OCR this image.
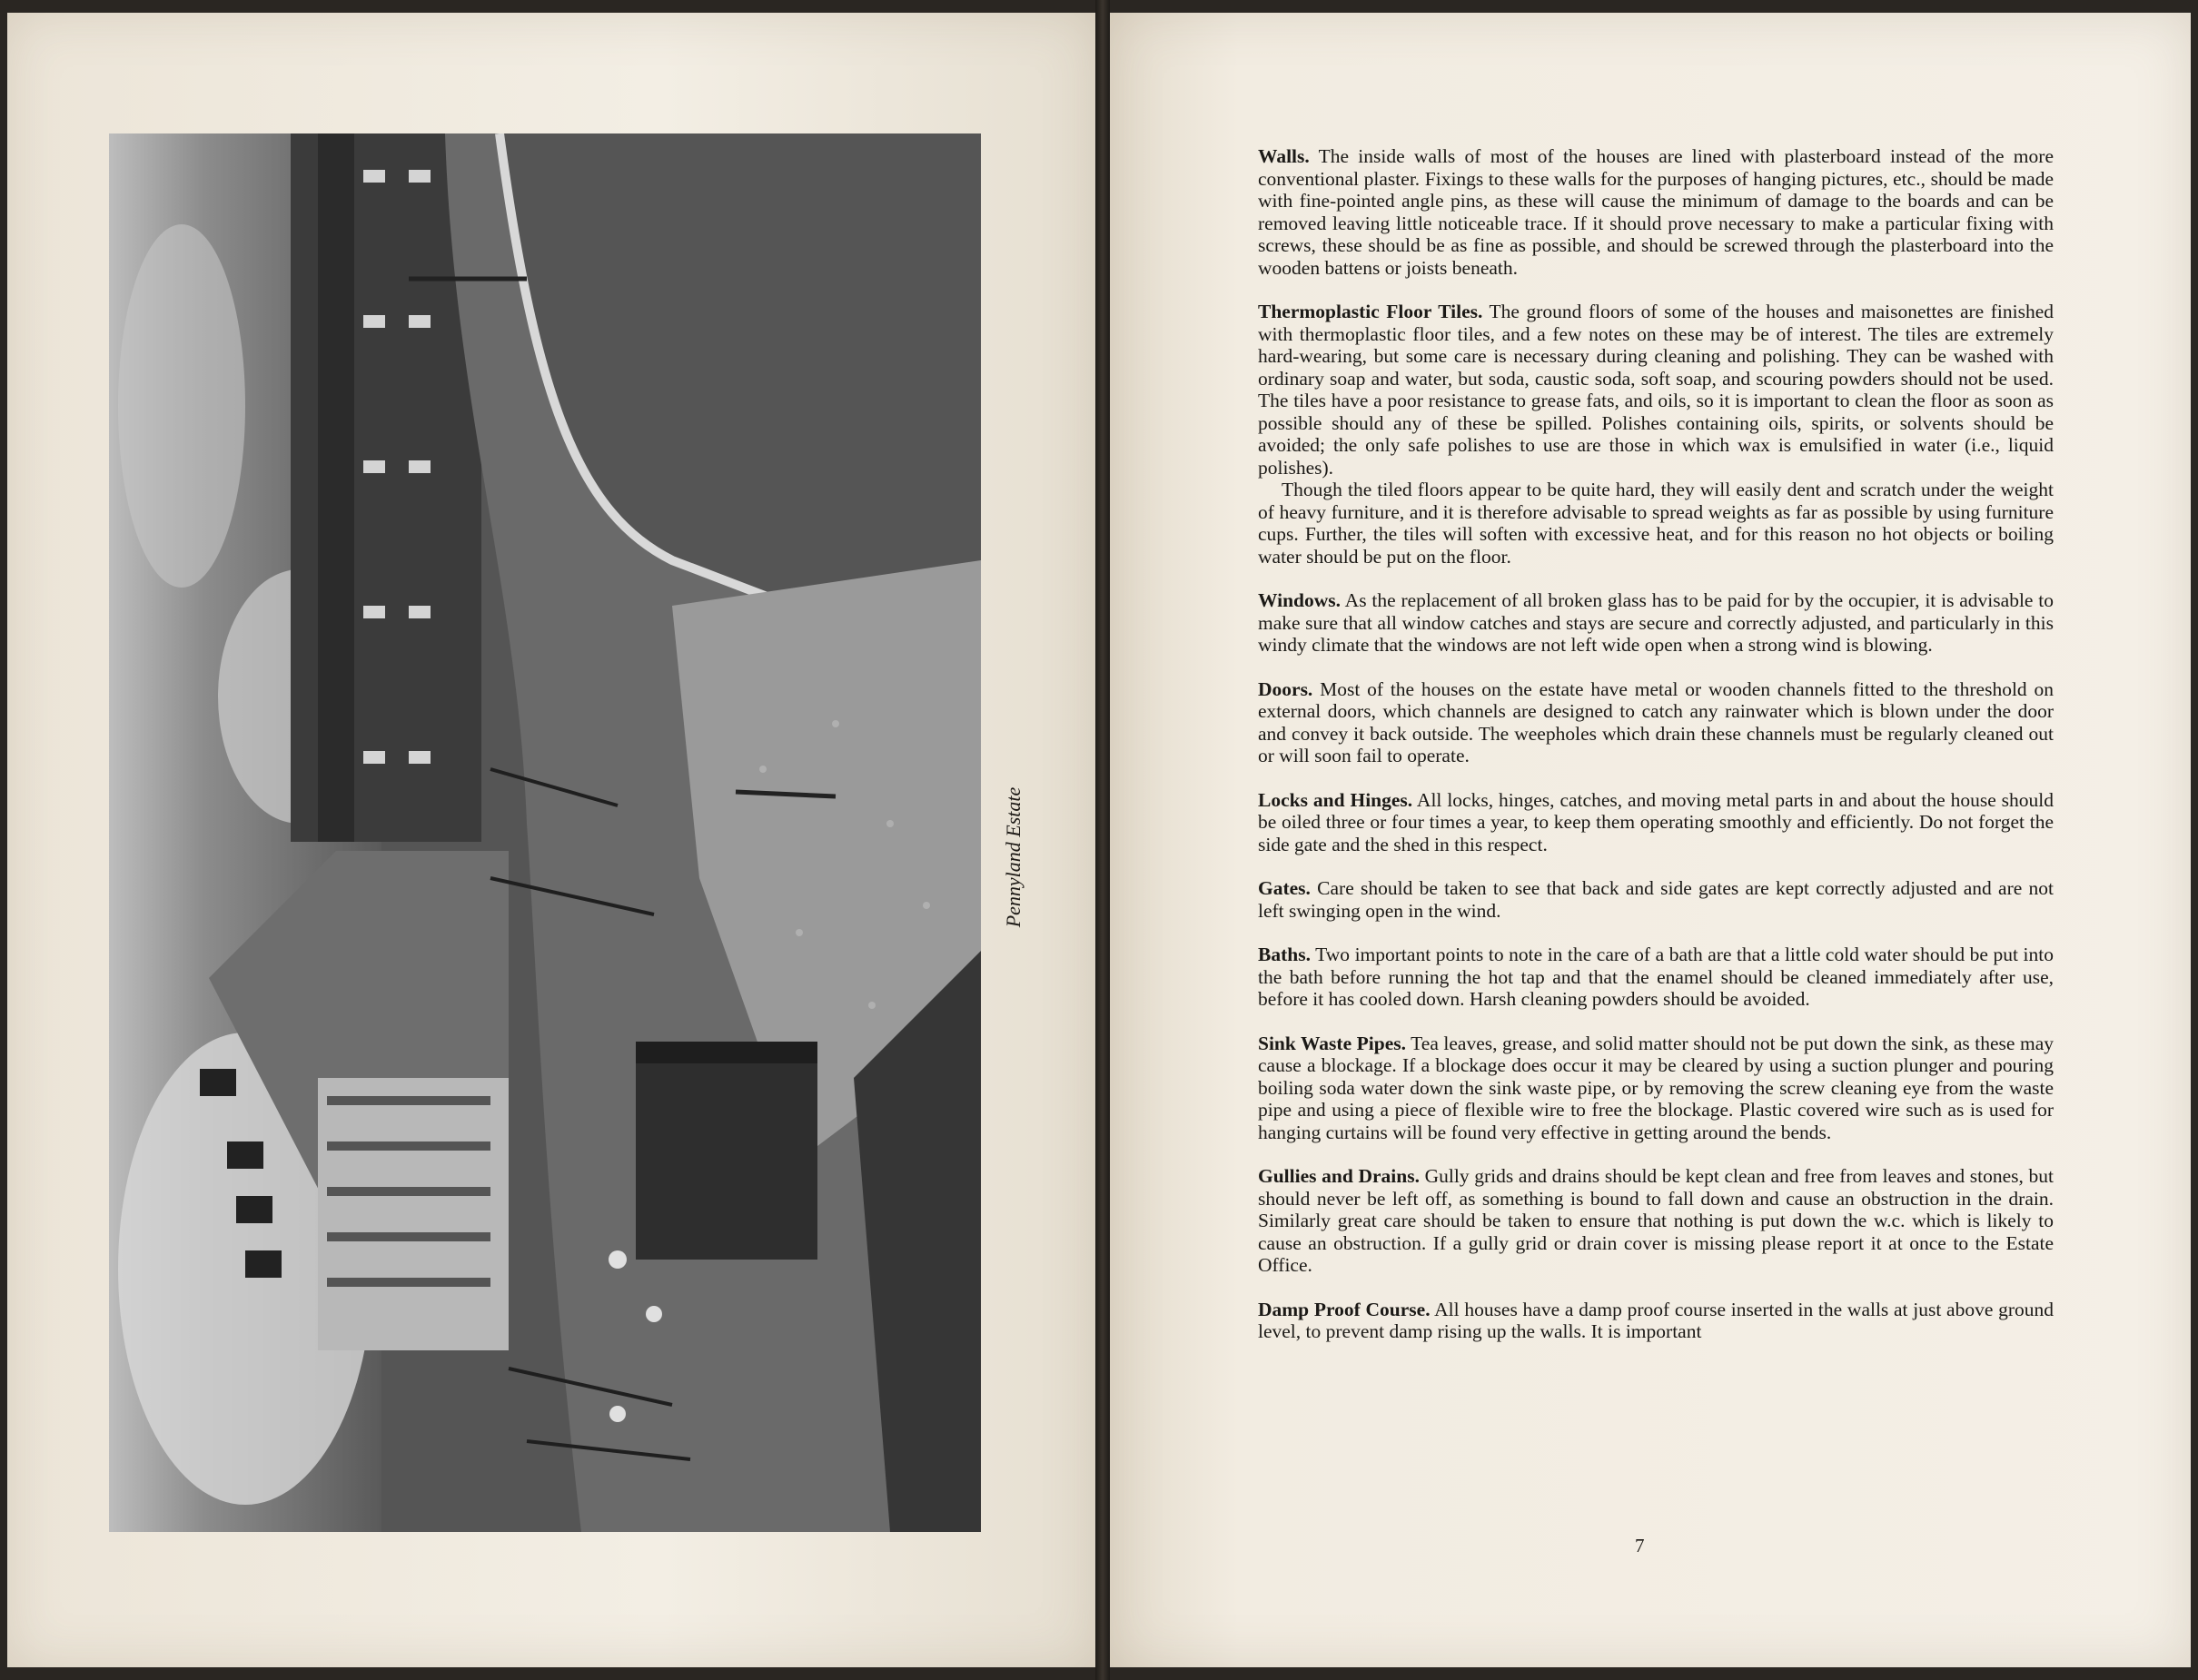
Pennyland Estate

Walls. The inside walls of most of the houses are lined with plasterboard instead of the more conventional plaster. Fixings to these walls for the purposes of hanging pictures, etc., should be made with fine-pointed angle pins, as these will cause the minimum of damage to the boards and can be removed leaving little noticeable trace. If it should prove necessary to make a particular fixing with screws, these should be as fine as possible, and should be screwed through the plasterboard into the wooden battens or joists beneath.

Thermoplastic Floor Tiles. The ground floors of some of the houses and maisonettes are finished with thermoplastic floor tiles, and a few notes on these may be of interest. The tiles are extremely hard-wearing, but some care is necessary during cleaning and polishing. They can be washed with ordinary soap and water, but soda, caustic soda, soft soap, and scouring powders should not be used. The tiles have a poor resistance to grease fats, and oils, so it is important to clean the floor as soon as possible should any of these be spilled. Polishes containing oils, spirits, or solvents should be avoided; the only safe polishes to use are those in which wax is emulsified in water (i.e., liquid polishes).

Though the tiled floors appear to be quite hard, they will easily dent and scratch under the weight of heavy furniture, and it is therefore advisable to spread weights as far as possible by using furniture cups. Further, the tiles will soften with excessive heat, and for this reason no hot objects or boiling water should be put on the floor.

Windows. As the replacement of all broken glass has to be paid for by the occupier, it is advisable to make sure that all window catches and stays are secure and correctly adjusted, and particularly in this windy climate that the windows are not left wide open when a strong wind is blowing.

Doors. Most of the houses on the estate have metal or wooden channels fitted to the threshold on external doors, which channels are designed to catch any rainwater which is blown under the door and convey it back outside. The weepholes which drain these channels must be regularly cleaned out or will soon fail to operate.

Locks and Hinges. All locks, hinges, catches, and moving metal parts in and about the house should be oiled three or four times a year, to keep them operating smoothly and efficiently. Do not forget the side gate and the shed in this respect.

Gates. Care should be taken to see that back and side gates are kept correctly adjusted and are not left swinging open in the wind.

Baths. Two important points to note in the care of a bath are that a little cold water should be put into the bath before running the hot tap and that the enamel should be cleaned immediately after use, before it has cooled down. Harsh cleaning powders should be avoided.

Sink Waste Pipes. Tea leaves, grease, and solid matter should not be put down the sink, as these may cause a blockage. If a blockage does occur it may be cleared by using a suction plunger and pouring boiling soda water down the sink waste pipe, or by removing the screw cleaning eye from the waste pipe and using a piece of flexible wire to free the blockage. Plastic covered wire such as is used for hanging curtains will be found very effective in getting around the bends.

Gullies and Drains. Gully grids and drains should be kept clean and free from leaves and stones, but should never be left off, as something is bound to fall down and cause an obstruction in the drain. Similarly great care should be taken to ensure that nothing is put down the w.c. which is likely to cause an obstruction. If a gully grid or drain cover is missing please report it at once to the Estate Office.

Damp Proof Course. All houses have a damp proof course inserted in the walls at just above ground level, to prevent damp rising up the walls. It is important

7
